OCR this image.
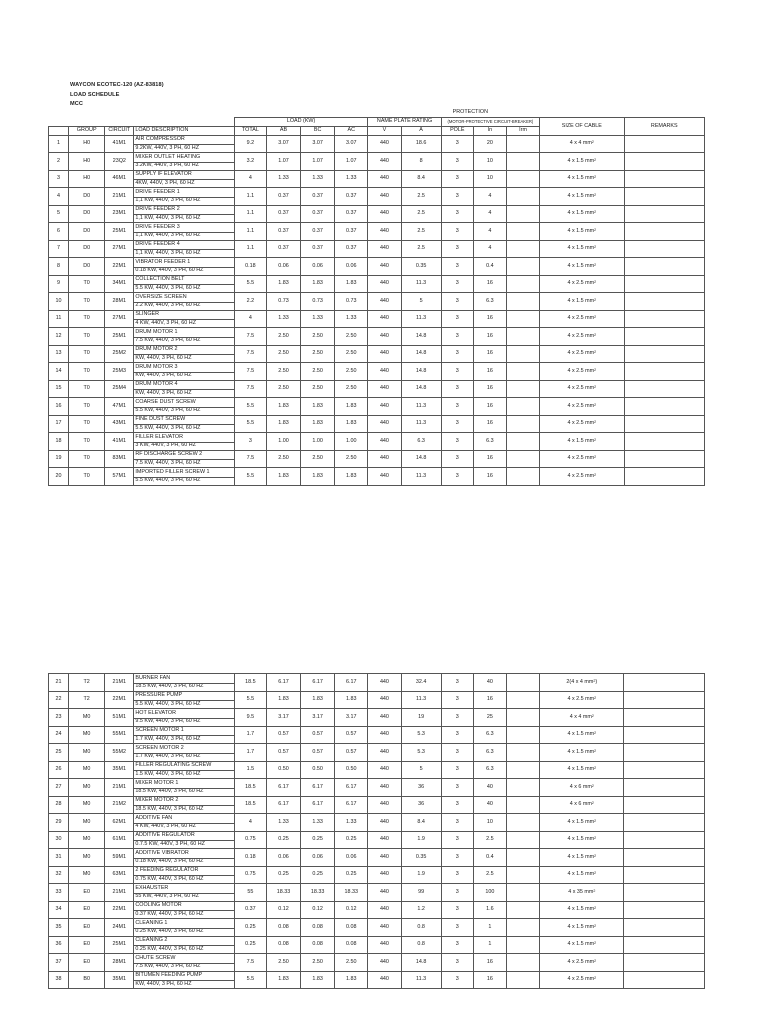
WAYCON ECOTEC-120 (AZ-83818)
LOAD SCHEDULE
MCC
									PROTECTION					
				LOAD (KW)				NAME PLATE RATING		(MOTOR-PROTECTIVE CIRCUIT-BREAKER)			SIZE OF CABLE	REMARKS
	GROUP	CIRCUIT	LOAD DESCRIPTION	TOTAL	AB	BC	AC	V	A	POLE	In	Irm		
1	H0	41M1	AIR COMPRESSOR	9.2	3.07	3.07	3.07	440	18.6	3	20		4 x 4 $mm^2$	
			9.2KW, 440V, 3 PH, 60 HZ											
2	H0	23Q2	MIXER OUTLET HEATING	3.2	1.07	1.07	1.07	440	8	3	10		4 x 1.5 $mm^2$	
			3.2KW, 440V, 3 PH, 60 HZ											
3	H0	46M1	SUPPLY IF ELEVATOR	4	1.33	1.33	1.33	440	8.4	3	10		4 x 1.5 $mm^2$	
			4KW, 440V, 3 PH, 60 HZ											
4	D0	21M1	DRIVE FEEDER 1	1.1	0.37	0.37	0.37	440	2.5	3	4		4 x 1.5 $mm^2$	
			1,1 KW, 440V, 3 PH, 60 HZ											
5	D0	23M1	DRIVE FEEDER 2	1.1	0.37	0.37	0.37	440	2.5	3	4		4 x 1.5 $mm^2$	
			1,1 KW, 440V, 3 PH, 60 HZ											
6	D0	25M1	DRIVE FEEDER 3	1.1	0.37	0.37	0.37	440	2.5	3	4		4 x 1.5 $mm^2$	
			1,1 KW, 440V, 3 PH, 60 HZ											
7	D0	27M1	DRIVE FEEDER 4	1.1	0.37	0.37	0.37	440	2.5	3	4		4 x 1.5 $mm^2$	
			1,1 KW, 440V, 3 PH, 60 HZ											
8	D0	22M1	VIBRATOR FEEDER 1	0.18	0.06	0.06	0.06	440	0.35	3	0.4		4 x 1.5 $mm^2$	
			0.18 KW, 440V, 3 PH, 60 HZ											
9	T0	34M1	COLLECTION BELT	5.5	1.83	1.83	1.83	440	11.3	3	16		4 x 2.5 $mm^2$	
			5.5 KW, 440V, 3 PH, 60 HZ											
10	T0	28M1	OVERSIZE SCREEN	2.2	0.73	0.73	0.73	440	5	3	6.3		4 x 1.5 $mm^2$	
			2.2 KW, 440V, 3 PH, 60 HZ											
11	T0	27M1	SLINGER	4	1.33	1.33	1.33	440	11.3	3	16		4 x 2.5 $mm^2$	
			4 KW, 440V, 3 PH, 60 HZ											
12	T0	25M1	DRUM MOTOR 1	7.5	2.50	2.50	2.50	440	14.8	3	16		4 x 2.5 $mm^2$	
			7.5 KW, 440V, 3 PH, 60 HZ											
13	T0	25M2	DRUM MOTOR 2	7.5	2.50	2.50	2.50	440	14.8	3	16		4 x 2.5 $mm^2$	
			KW, 440V, 3 PH, 60 HZ											
14	T0	25M3	DRUM MOTOR 3	7.5	2.50	2.50	2.50	440	14.8	3	16		4 x 2.5 $mm^2$	
			KW, 440V, 3 PH, 60 HZ											
15	T0	25M4	DRUM MOTOR 4	7.5	2.50	2.50	2.50	440	14.8	3	16		4 x 2.5 $mm^2$	
			KW, 440V, 3 PH, 60 HZ											
16	T0	47M1	COARSE DUST SCREW	5.5	1.83	1.83	1.83	440	11.3	3	16		4 x 2.5 $mm^2$	
			5.5 KW, 440V, 3 PH, 60 HZ											
17	T0	43M1	FINE DUST SCREW	5.5	1.83	1.83	1.83	440	11.3	3	16		4 x 2.5 $mm^2$	
			5.5 KW, 440V, 3 PH, 60 HZ											
18	T0	41M1	FILLER ELEVATOR	3	1.00	1.00	1.00	440	6.3	3	6.3		4 x 1.5 $mm^2$	
			3 KW, 440V, 3 PH, 60 HZ											
19	T0	83M1	RF DISCHARGE SCREW 2	7.5	2.50	2.50	2.50	440	14.8	3	16		4 x 2.5 $mm^2$	
			7.5 KW, 440V, 3 PH, 60 HZ											
20	T0	57M1	IMPORTED FILLER SCREW 1	5.5	1.83	1.83	1.83	440	11.3	3	16		4 x 2.5 $mm^2$	
			5.5 KW, 440V, 3 PH, 60 HZ											
21	T2	21M1	BURNER FAN	18.5	6.17	6.17	6.17	440	32.4	3	40		2(4 x 4 $mm^2$)	
			18.5 KW, 440V, 3 PH, 60 HZ											
22	T2	22M1	PRESSURE PUMP	5.5	1.83	1.83	1.83	440	11.3	3	16		4 x 2.5 $mm^2$	
			5.5 KW, 440V, 3 PH, 60 HZ											
23	M0	51M1	HOT ELEVATOR	9.5	3.17	3.17	3.17	440	19	3	25		4 x 4 $mm^2$	
			9.5 KW, 440V, 3 PH, 60 HZ											
24	M0	55M1	SCREEN MOTOR 1	1.7	0.57	0.57	0.57	440	5.3	3	6.3		4 x 1.5 $mm^2$	
			1.7 KW, 440V, 3 PH, 60 HZ											
25	M0	55M2	SCREEN MOTOR 2	1.7	0.57	0.57	0.57	440	5.3	3	6.3		4 x 1.5 $mm^2$	
			1.7 KW, 440V, 3 PH, 60 HZ											
26	M0	35M1	FILLER REGULATING SCREW	1.5	0.50	0.50	0.50	440	5	3	6.3		4 x 1.5 $mm^2$	
			1.5 KW, 440V, 3 PH, 60 HZ											
27	M0	21M1	MIXER MOTOR 1	18.5	6.17	6.17	6.17	440	36	3	40		4 x 6 $mm^2$	
			18.5 KW, 440V, 3 PH, 60 HZ											
28	M0	21M2	MIXER MOTOR 2	18.5	6.17	6.17	6.17	440	36	3	40		4 x 6 $mm^2$	
			18.5 KW, 440V, 3 PH, 60 HZ											
29	M0	62M1	ADDITIVE FAN	4	1.33	1.33	1.33	440	8.4	3	10		4 x 1.5 $mm^2$	
			4 KW, 440V, 3 PH, 60 HZ											
30	M0	61M1	ADDITIVE REGULATOR	0.75	0.25	0.25	0.25	440	1.9	3	2.5		4 x 1.5 $mm^2$	
			0.7.5 KW, 440V, 3 PH, 60 HZ											
31	M0	59M1	ADDITIVE VIBRATOR	0.18	0.06	0.06	0.06	440	0.35	3	0.4		4 x 1.5 $mm^2$	
			0.18 KW, 440V, 3 PH, 60 HZ											
32	M0	63M1	2 FEEDING REGULATOR	0.75	0.25	0.25	0.25	440	1.9	3	2.5		4 x 1.5 $mm^2$	
			0.75 KW, 440V, 3 PH, 60 HZ											
33	E0	21M1	EXHAUSTER	55	18.33	18.33	18.33	440	99	3	100		4 x 35 $mm^2$	
			55 KW, 440V, 3 PH, 60 HZ											
34	E0	22M1	COOLING MOTOR	0.37	0.12	0.12	0.12	440	1.2	3	1.6		4 x 1.5 $mm^2$	
			0.37 KW, 440V, 3 PH, 60 HZ											
35	E0	24M1	CLEANING 1	0.25	0.08	0.08	0.08	440	0.8	3	1		4 x 1.5 $mm^2$	
			0.25 KW, 440V, 3 PH, 60 HZ											
36	E0	25M1	CLEANING 2	0.25	0.08	0.08	0.08	440	0.8	3	1		4 x 1.5 $mm^2$	
			0.25 KW, 440V, 3 PH, 60 HZ											
37	E0	28M1	CHUTE SCREW	7.5	2.50	2.50	2.50	440	14.8	3	16		4 x 2.5 $mm^2$	
			7.5 KW, 440V, 3 PH, 60 HZ											
38	B0	35M1	BITUMEN FEEDING PUMP	5.5	1.83	1.83	1.83	440	11.3	3	16		4 x 2.5 $mm^2$	
			KW, 440V, 3 PH, 60 HZ											
